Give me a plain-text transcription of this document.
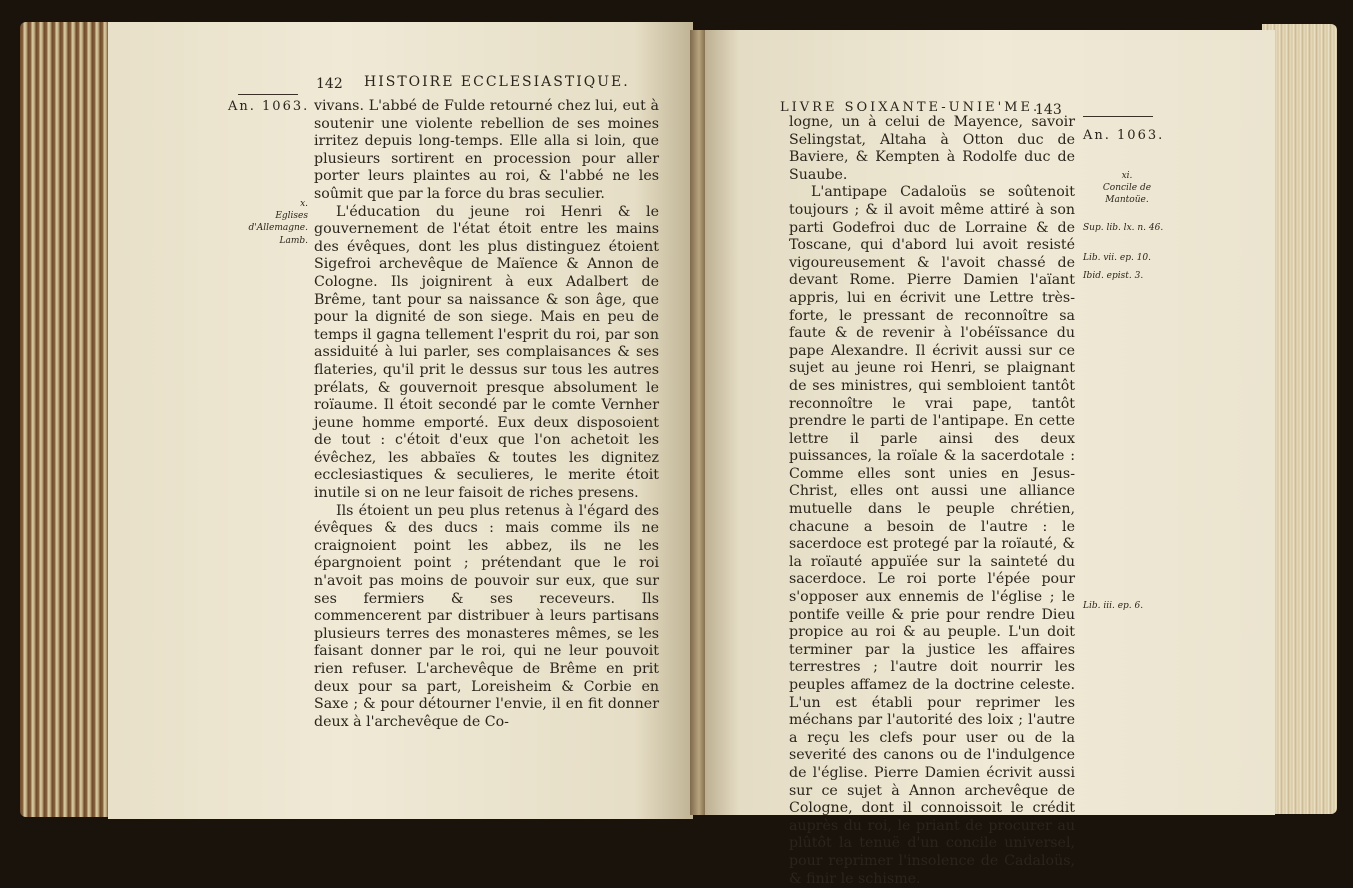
142 HISTOIRE ECCLESIASTIQUE.
An. 1063.
x.
Eglises d'Allemagne.
Lamb.

vivans. L'abbé de Fulde retourné chez lui, eut à soutenir une violente rebellion de ses moines irritez depuis long-temps. Elle alla si loin, que plusieurs sortirent en procession pour aller porter leurs plaintes au roi, & l'abbé ne les soûmit que par la force du bras seculier.

L'éducation du jeune roi Henri & le gouvernement de l'état étoit entre les mains des évêques, dont les plus distinguez étoient Sigefroi archevêque de Maïence & Annon de Cologne. Ils joignirent à eux Adalbert de Brême, tant pour sa naissance & son âge, que pour la dignité de son siege. Mais en peu de temps il gagna tellement l'esprit du roi, par son assiduité à lui parler, ses complaisances & ses flateries, qu'il prit le dessus sur tous les autres prélats, & gouvernoit presque absolument le roïaume. Il étoit secondé par le comte Vernher jeune homme emporté. Eux deux disposoient de tout : c'étoit d'eux que l'on achetoit les évêchez, les abbaïes & toutes les dignitez ecclesiastiques & seculieres, le merite étoit inutile si on ne leur faisoit de riches presens.

Ils étoient un peu plus retenus à l'égard des évêques & des ducs : mais comme ils ne craignoient point les abbez, ils ne les épargnoient point ; prétendant que le roi n'avoit pas moins de pouvoir sur eux, que sur ses fermiers & ses receveurs. Ils commencerent par distribuer à leurs partisans plusieurs terres des monasteres mêmes, se les faisant donner par le roi, qui ne leur pouvoit rien refuser. L'archevêque de Brême en prit deux pour sa part, Loreisheim & Corbie en Saxe ; & pour détourner l'envie, il en fit donner deux à l'archevêque de Co-

LIVRE SOIXANTE-UNIE'ME.
143
An. 1063.
xi.
Concile de Mantoüe.
Sup. lib. lx. n. 46.
Lib. vii. ep. 10.
Ibid. epist. 3.
Lib. iii. ep. 6.

logne, un à celui de Mayence, savoir Selingstat, Altaha à Otton duc de Baviere, & Kempten à Rodolfe duc de Suaube.

L'antipape Cadaloüs se soûtenoit toujours ; & il avoit même attiré à son parti Godefroi duc de Lorraine & de Toscane, qui d'abord lui avoit resisté vigoureusement & l'avoit chassé de devant Rome. Pierre Damien l'aïant appris, lui en écrivit une Lettre très-forte, le pressant de reconnoître sa faute & de revenir à l'obéïssance du pape Alexandre. Il écrivit aussi sur ce sujet au jeune roi Henri, se plaignant de ses ministres, qui sembloient tantôt reconnoître le vrai pape, tantôt prendre le parti de l'antipape. En cette lettre il parle ainsi des deux puissances, la roïale & la sacerdotale : Comme elles sont unies en Jesus-Christ, elles ont aussi une alliance mutuelle dans le peuple chrétien, chacune a besoin de l'autre : le sacerdoce est protegé par la roïauté, & la roïauté appuïée sur la sainteté du sacerdoce. Le roi porte l'épée pour s'opposer aux ennemis de l'église ; le pontife veille & prie pour rendre Dieu propice au roi & au peuple. L'un doit terminer par la justice les affaires terrestres ; l'autre doit nourrir les peuples affamez de la doctrine celeste. L'un est établi pour reprimer les méchans par l'autorité des loix ; l'autre a reçu les clefs pour user ou de la severité des canons ou de l'indulgence de l'église. Pierre Damien écrivit aussi sur ce sujet à Annon archevêque de Cologne, dont il connoissoit le crédit auprès du roi, le priant de procurer au plûtôt la tenuë d'un concile universel, pour reprimer l'insolence de Cadaloüs, & finir le schisme.
